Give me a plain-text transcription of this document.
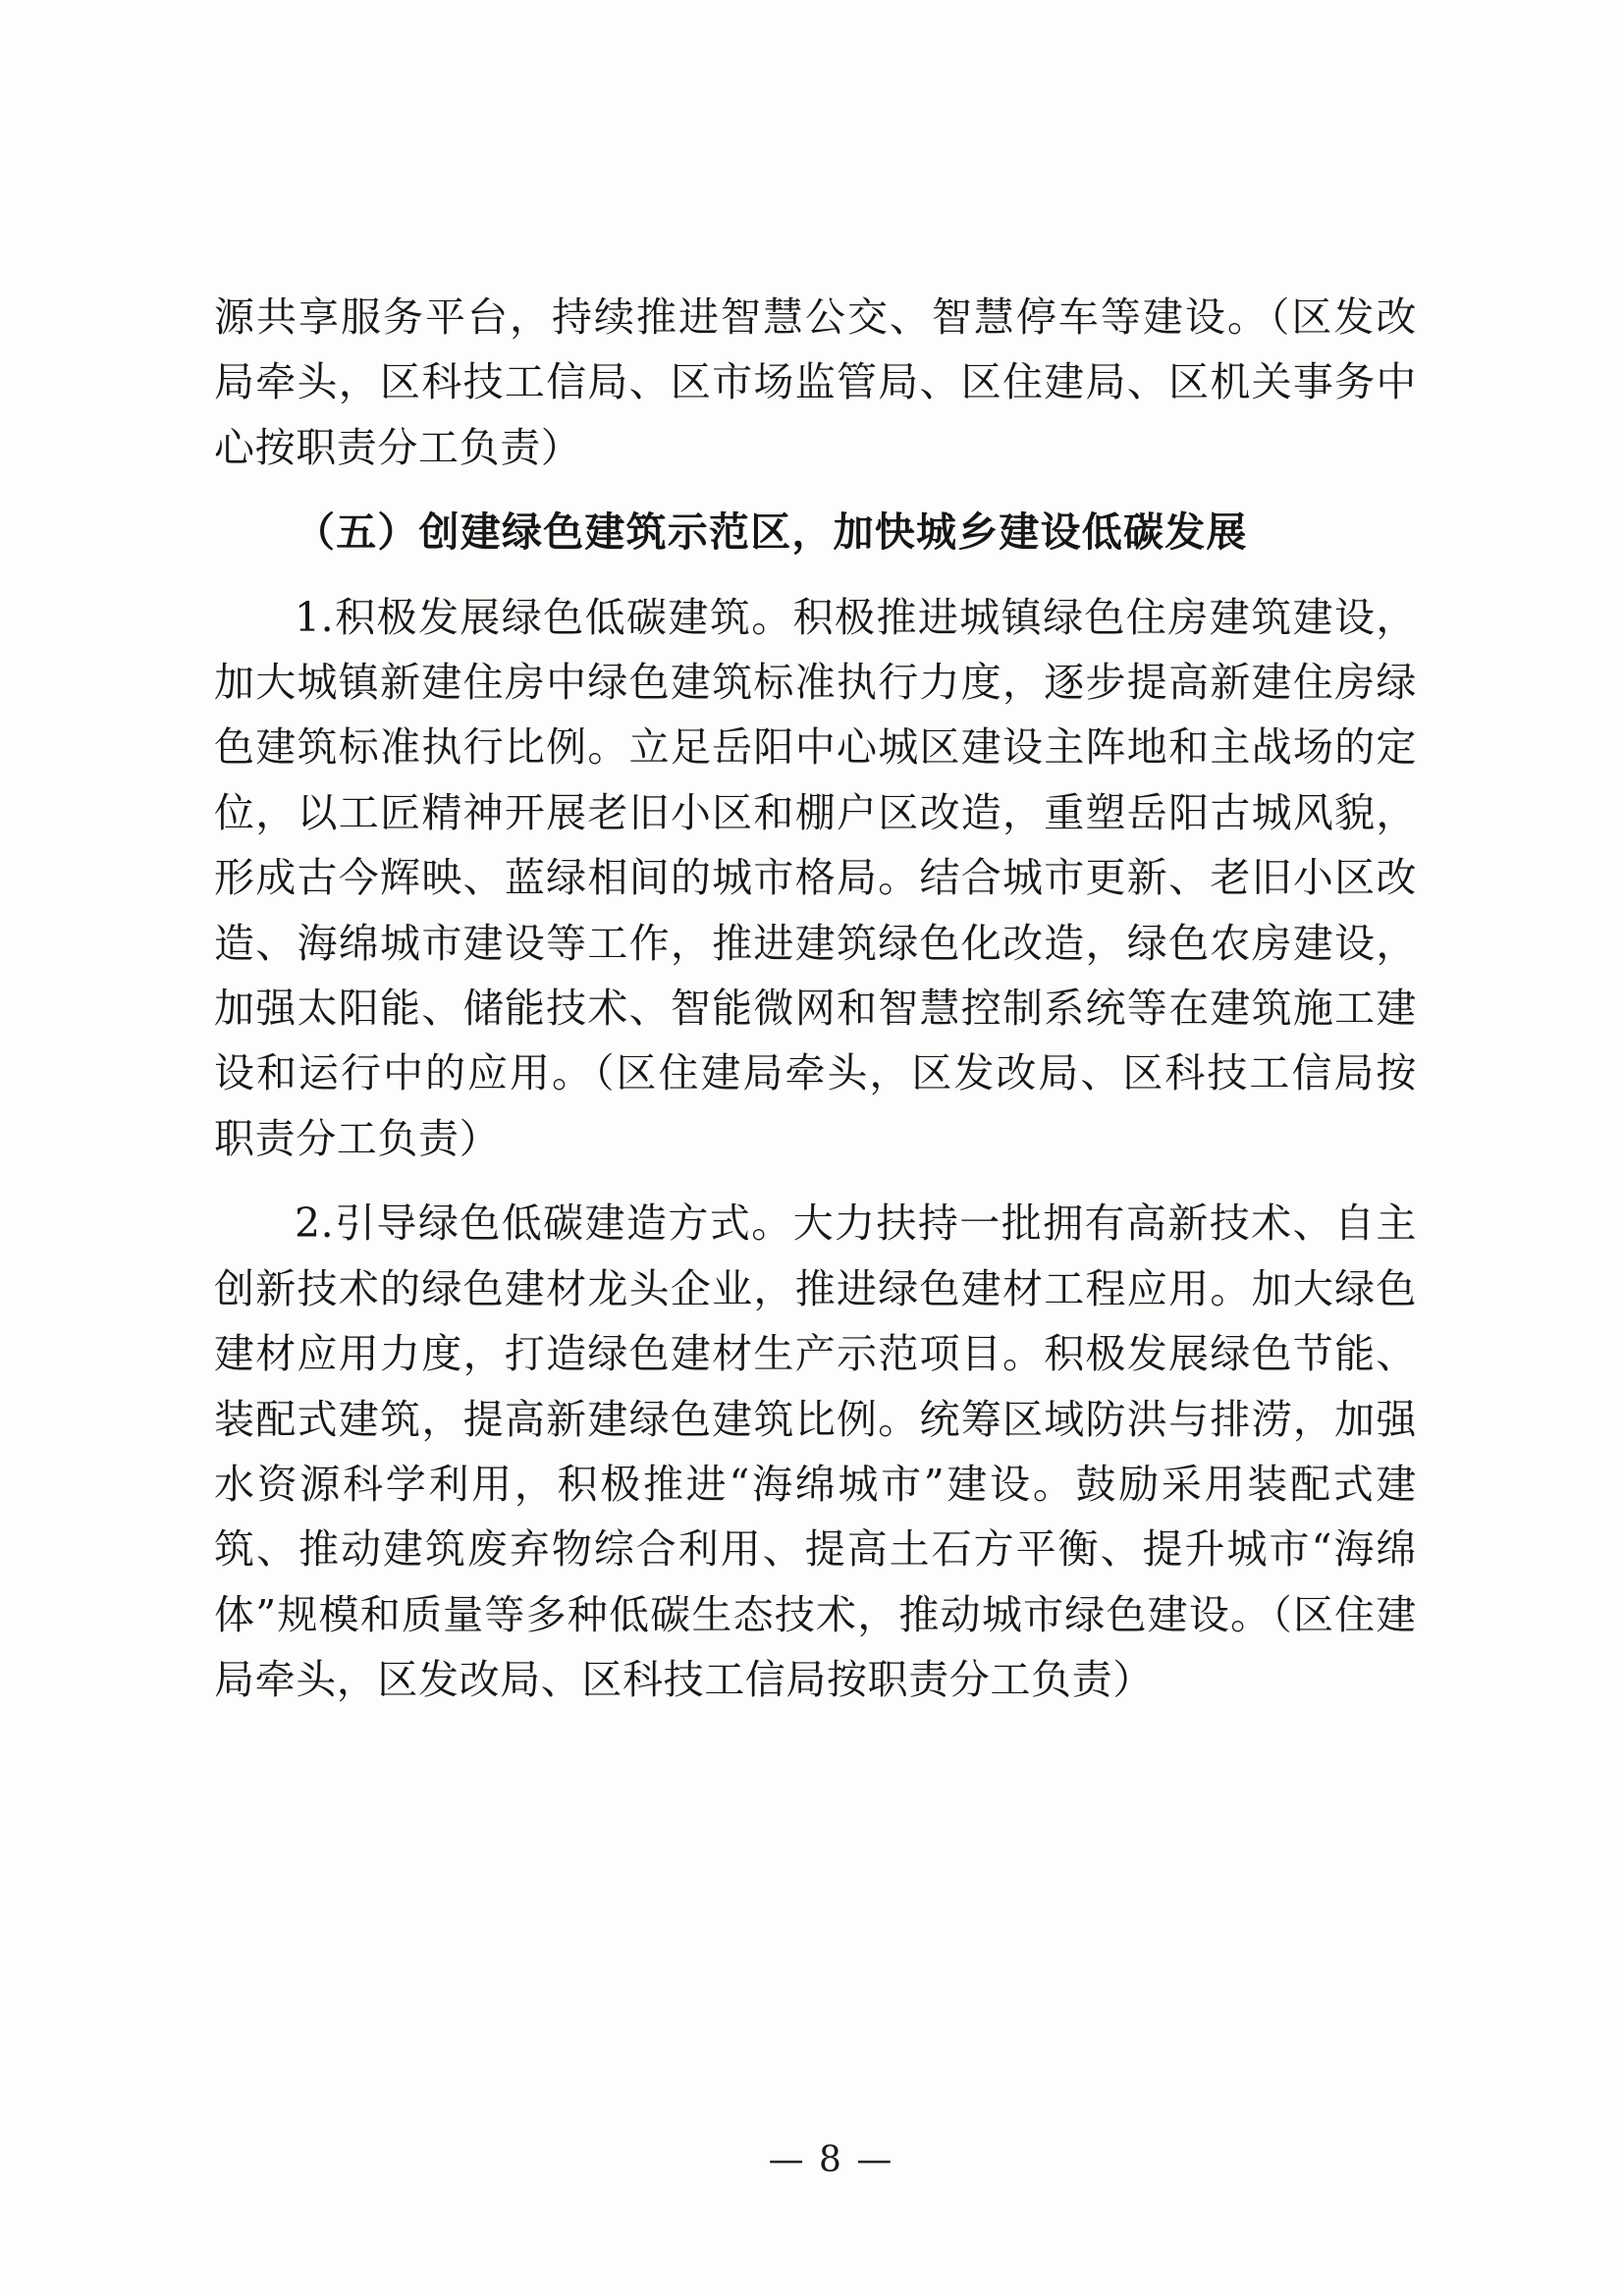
源共享服务平台，持续推进智慧公交、智慧停车等建设。（区发改局牵头，区科技工信局、区市场监管局、区住建局、区机关事务中心按职责分工负责）

（五）创建绿色建筑示范区，加快城乡建设低碳发展

1.积极发展绿色低碳建筑。积极推进城镇绿色住房建筑建设，加大城镇新建住房中绿色建筑标准执行力度，逐步提高新建住房绿色建筑标准执行比例。立足岳阳中心城区建设主阵地和主战场的定位，以工匠精神开展老旧小区和棚户区改造，重塑岳阳古城风貌，形成古今辉映、蓝绿相间的城市格局。结合城市更新、老旧小区改造、海绵城市建设等工作，推进建筑绿色化改造，绿色农房建设，加强太阳能、储能技术、智能微网和智慧控制系统等在建筑施工建设和运行中的应用。（区住建局牵头，区发改局、区科技工信局按职责分工负责）

2.引导绿色低碳建造方式。大力扶持一批拥有高新技术、自主创新技术的绿色建材龙头企业，推进绿色建材工程应用。加大绿色建材应用力度，打造绿色建材生产示范项目。积极发展绿色节能、装配式建筑，提高新建绿色建筑比例。统筹区域防洪与排涝，加强水资源科学利用，积极推进“海绵城市”建设。鼓励采用装配式建筑、推动建筑废弃物综合利用、提高土石方平衡、提升城市“海绵体”规模和质量等多种低碳生态技术，推动城市绿色建设。（区住建局牵头，区发改局、区科技工信局按职责分工负责）

— 8 —
